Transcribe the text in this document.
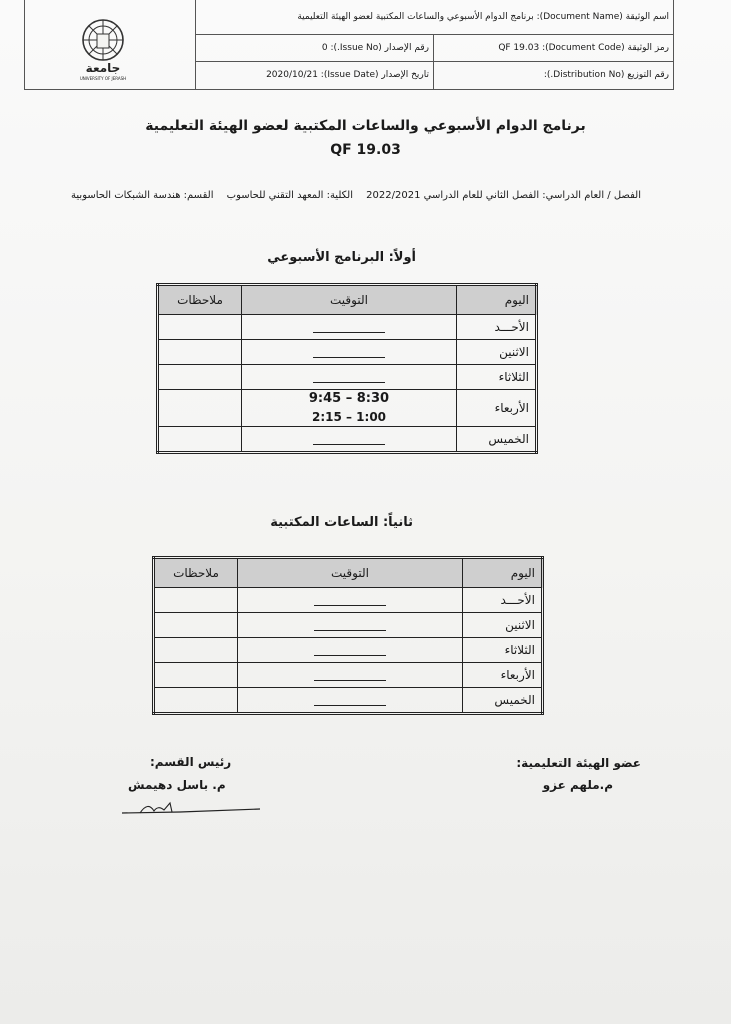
جامعة
UNIVERSITY OF JERASH
اسم الوثيقة (Document Name): برنامج الدوام الأسبوعي والساعات المكتبية لعضو الهيئة التعليمية
رمز الوثيقة (Document Code): QF 19.03
رقم الإصدار (Issue No.): 0
رقم التوزيع (Distribution No.):
تاريخ الإصدار (Issue Date): 2020/10/21
برنامج الدوام الأسبوعي والساعات المكتبية لعضو الهيئة التعليمية
QF 19.03
الفصل / العام الدراسي: الفصل الثاني للعام الدراسي 2022/2021 الكلية: المعهد التقني للحاسوب القسم: هندسة الشبكات الحاسوبية
أولاً: البرنامج الأسبوعي
اليوم	التوقيت	ملاحظات
الأحـــد		
الاثنين		
الثلاثاء		
الأربعاء	9:45 – 8:30
2:15 – 1:00	

الخميس		
ثانياً: الساعات المكتبية
اليوم	التوقيت	ملاحظات
الأحـــد		
الاثنين		
الثلاثاء		
الأربعاء		
الخميس		
عضو الهيئة التعليمية:
م.ملهم عزو
رئيس القسم:
م. باسل دهيمش
